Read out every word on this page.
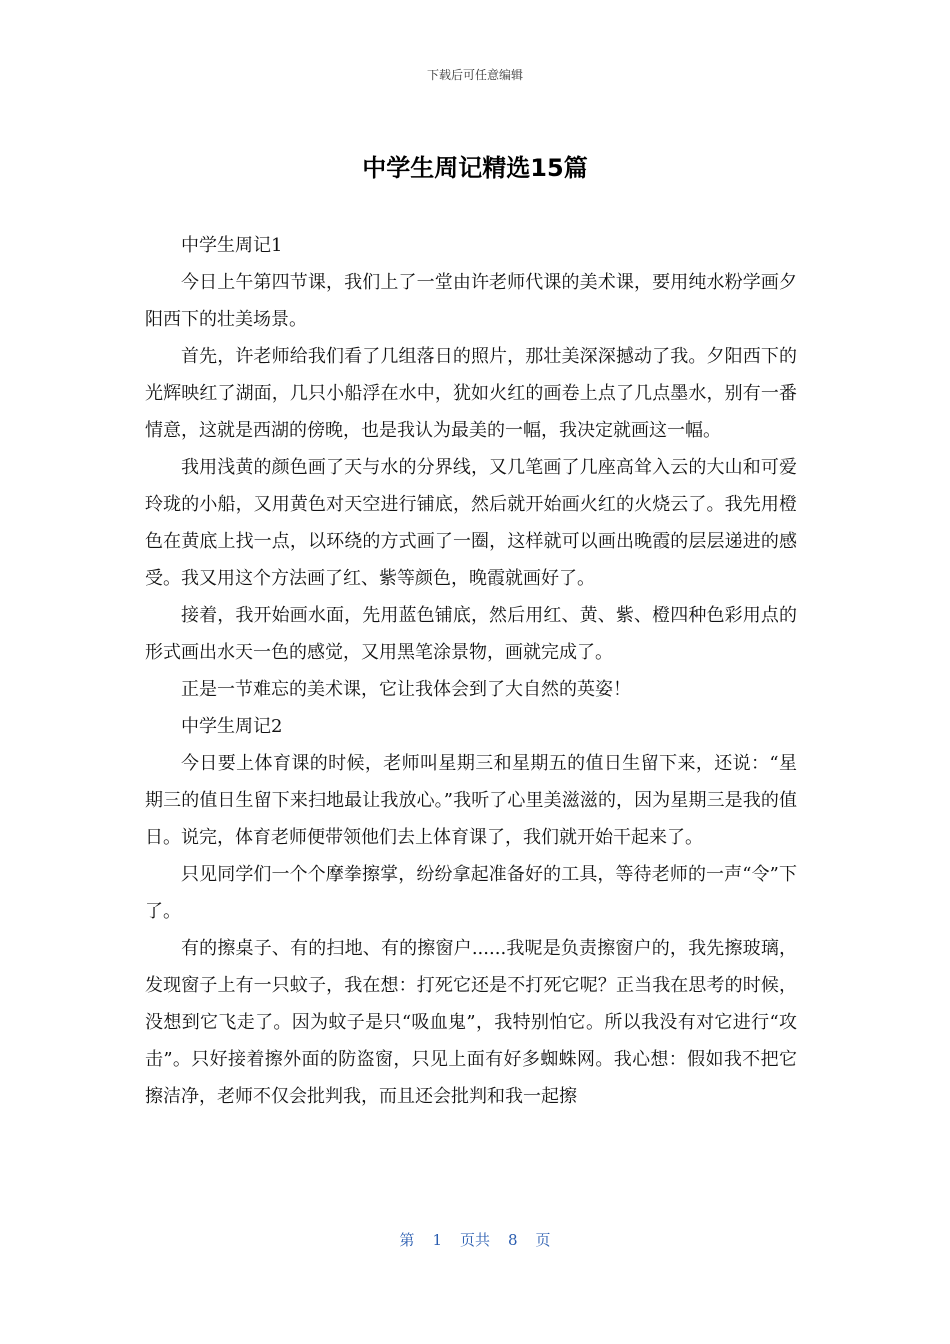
下载后可任意编辑
中学生周记精选15篇

中学生周记1

今日上午第四节课，我们上了一堂由许老师代课的美术课，要用纯水粉学画夕阳西下的壮美场景。

首先，许老师给我们看了几组落日的照片，那壮美深深撼动了我。夕阳西下的光辉映红了湖面，几只小船浮在水中，犹如火红的画卷上点了几点墨水，别有一番情意，这就是西湖的傍晚，也是我认为最美的一幅，我决定就画这一幅。

我用浅黄的颜色画了天与水的分界线，又几笔画了几座高耸入云的大山和可爱玲珑的小船，又用黄色对天空进行铺底，然后就开始画火红的火烧云了。我先用橙色在黄底上找一点，以环绕的方式画了一圈，这样就可以画出晚霞的层层递进的感受。我又用这个方法画了红、紫等颜色，晚霞就画好了。

接着，我开始画水面，先用蓝色铺底，然后用红、黄、紫、橙四种色彩用点的形式画出水天一色的感觉，又用黑笔涂景物，画就完成了。

正是一节难忘的美术课，它让我体会到了大自然的英姿！

中学生周记2

今日要上体育课的时候，老师叫星期三和星期五的值日生留下来，还说：“星期三的值日生留下来扫地最让我放心。”我听了心里美滋滋的，因为星期三是我的值日。说完，体育老师便带领他们去上体育课了，我们就开始干起来了。

只见同学们一个个摩拳擦掌，纷纷拿起准备好的工具，等待老师的一声“令”下了。

有的擦桌子、有的扫地、有的擦窗户......我呢是负责擦窗户的，我先擦玻璃，发现窗子上有一只蚊子，我在想：打死它还是不打死它呢？正当我在思考的时候，没想到它飞走了。因为蚊子是只“吸血鬼”，我特别怕它。所以我没有对它进行“攻击”。只好接着擦外面的防盗窗，只见上面有好多蜘蛛网。我心想：假如我不把它擦洁净，老师不仅会批判我，而且还会批判和我一起擦

第 1 页共 8 页
